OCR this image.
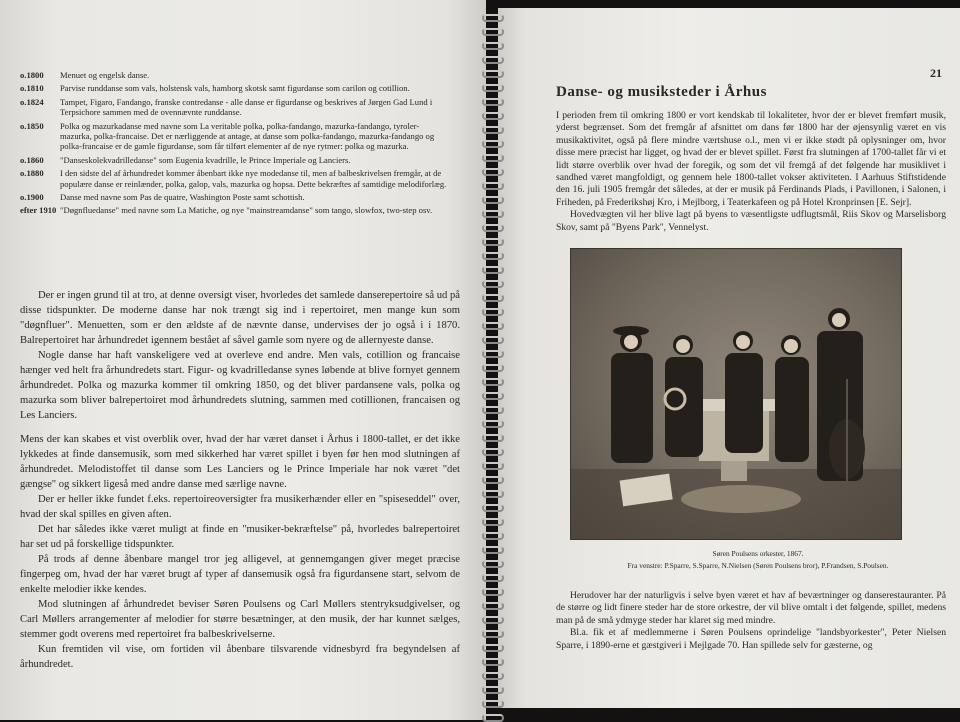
o.1800	Menuet og engelsk danse.
o.1810	Parvise runddanse som vals, holstensk vals, hamborg skotsk samt figurdanse som carilon og cotillion.
o.1824	Tampet, Figaro, Fandango, franske contredanse - alle danse er figurdanse og beskrives af Jørgen Gad Lund i Terpsichore sammen med de ovennævnte runddanse.
o.1850	Polka og mazurkadanse med navne som La veritable polka, polka-fandango, mazurka-fandango, tyroler-mazurka, polka-francaise. Det er nærliggende at antage, at danse som polka-fandango, mazurka-fandango og polka-francaise er de gamle figurdanse, som får tilført elementer af de nye rytmer: polka og mazurka.
o.1860	"Danseskolekvadrilledanse" som Eugenia kvadrille, le Prince Imperiale og Lanciers.
o.1880	I den sidste del af århundredet kommer åbenbart ikke nye modedanse til, men af balbeskrivelsen fremgår, at de populære danse er reinlænder, polka, galop, vals, mazurka og hopsa. Dette bekræftes af samtidige melodiforlæg.
o.1900	Danse med navne som Pas de quatre, Washington Poste samt schottish.
efter 1910 "Døgnfluedanse" med navne som La Matiche, og nye "mainstreamdanse" som tango, slowfox, two-step osv.

Der er ingen grund til at tro, at denne oversigt viser, hvorledes det samlede danserepertoire så ud på disse tidspunkter. De moderne danse har nok trængt sig ind i repertoiret, men mange kun som "døgnfluer". Menuetten, som er den ældste af de nævnte danse, undervises der jo også i i 1870. Balrepertoiret har århundredet igennem bestået af såvel gamle som nyere og de allernyeste danse.

Nogle danse har haft vanskeligere ved at overleve end andre. Men vals, cotillion og francaise hænger ved helt fra århundredets start. Figur- og kvadrilledanse synes løbende at blive fornyet gennem århundredet. Polka og mazurka kommer til omkring 1850, og det bliver pardansene vals, polka og mazurka som bliver balrepertoiret mod århundredets slutning, sammen med cotillionen, francaisen og Les Lanciers.

Mens der kan skabes et vist overblik over, hvad der har været danset i Århus i 1800-tallet, er det ikke lykkedes at finde dansemusik, som med sikkerhed har været spillet i byen før hen mod slutningen af århundredet. Melodistoffet til danse som Les Lanciers og le Prince Imperiale har nok været "det gængse" og sikkert ligeså med andre danse med særlige navne.

Der er heller ikke fundet f.eks. repertoireoversigter fra musikerhænder eller en "spiseseddel" over, hvad der skal spilles en given aften.

Det har således ikke været muligt at finde en "musiker-bekræftelse" på, hvorledes balrepertoiret har set ud på forskellige tidspunkter.

På trods af denne åbenbare mangel tror jeg alligevel, at gennemgangen giver meget præcise fingerpeg om, hvad der har været brugt af typer af dansemusik også fra figurdansene start, selvom de enkelte melodier ikke kendes.

Mod slutningen af århundredet beviser Søren Poulsens og Carl Møllers stentryksudgivelser, og Carl Møllers arrangementer af melodier for større besætninger, at den musik, der har kunnet sælges, stemmer godt overens med repertoiret fra balbeskrivelserne.

Kun fremtiden vil vise, om fortiden vil åbenbare tilsvarende vidnesbyrd fra begyndelsen af århundredet.

21
Danse- og musiksteder i Århus

I perioden frem til omkring 1800 er vort kendskab til lokaliteter, hvor der er blevet fremført musik, yderst begrænset. Som det fremgår af afsnittet om dans før 1800 har der øjensynlig været en vis musikaktivitet, også på flere mindre værtshuse o.l., men vi er ikke stødt på oplysninger om, hvor disse mere præcist har ligget, og hvad der er blevet spillet. Først fra slutningen af 1700-tallet får vi et lidt større overblik over hvad der foregik, og som det vil fremgå af det følgende har musiklivet i sandhed været mangfoldigt, og gennem hele 1800-tallet vokser aktiviteten. I Aarhuus Stiftstidende den 16. juli 1905 fremgår det således, at der er musik på Ferdinands Plads, i Pavillonen, i Salonen, i Friheden, på Frederikshøj Kro, i Mejlborg, i Teaterkafeen og på Hotel Kronprinsen [E. Sejr].

Hovedvægten vil her blive lagt på byens to væsentligste udflugtsmål, Riis Skov og Marselisborg Skov, samt på "Byens Park", Vennelyst.

Søren Poulsens orkester, 1867.
Fra venstre: P.Sparre, S.Sparre, N.Nielsen (Søren Poulsens bror), P.Frandsen, S.Poulsen.

Herudover har der naturligvis i selve byen været et hav af beværtninger og danserestauranter. På de større og lidt finere steder har de store orkestre, der vil blive omtalt i det følgende, spillet, medens man på de små ydmyge steder har klaret sig med mindre.

Bl.a. fik et af medlemmerne i Søren Poulsens oprindelige "landsbyorkester", Peter Nielsen Sparre, i 1890-erne et gæstgiveri i Mejlgade 70. Han spillede selv for gæsterne, og
